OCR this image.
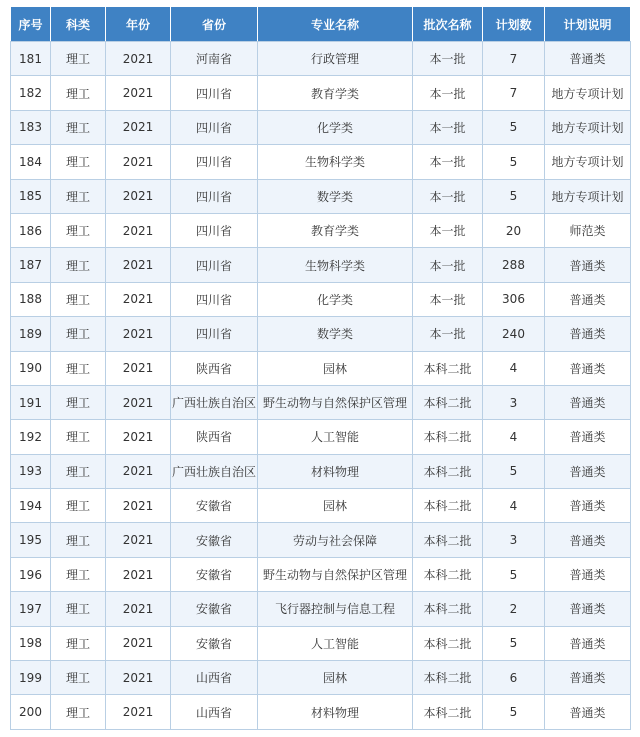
序号	科类	年份	省份	专业名称	批次名称	计划数	计划说明
181	理工	2021	河南省	行政管理	本一批	7	普通类
182	理工	2021	四川省	教育学类	本一批	7	地方专项计划
183	理工	2021	四川省	化学类	本一批	5	地方专项计划
184	理工	2021	四川省	生物科学类	本一批	5	地方专项计划
185	理工	2021	四川省	数学类	本一批	5	地方专项计划
186	理工	2021	四川省	教育学类	本一批	20	师范类
187	理工	2021	四川省	生物科学类	本一批	288	普通类
188	理工	2021	四川省	化学类	本一批	306	普通类
189	理工	2021	四川省	数学类	本一批	240	普通类
190	理工	2021	陕西省	园林	本科二批	4	普通类
191	理工	2021	广西壮族自治区	野生动物与自然保护区管理	本科二批	3	普通类
192	理工	2021	陕西省	人工智能	本科二批	4	普通类
193	理工	2021	广西壮族自治区	材料物理	本科二批	5	普通类
194	理工	2021	安徽省	园林	本科二批	4	普通类
195	理工	2021	安徽省	劳动与社会保障	本科二批	3	普通类
196	理工	2021	安徽省	野生动物与自然保护区管理	本科二批	5	普通类
197	理工	2021	安徽省	飞行器控制与信息工程	本科二批	2	普通类
198	理工	2021	安徽省	人工智能	本科二批	5	普通类
199	理工	2021	山西省	园林	本科二批	6	普通类
200	理工	2021	山西省	材料物理	本科二批	5	普通类
